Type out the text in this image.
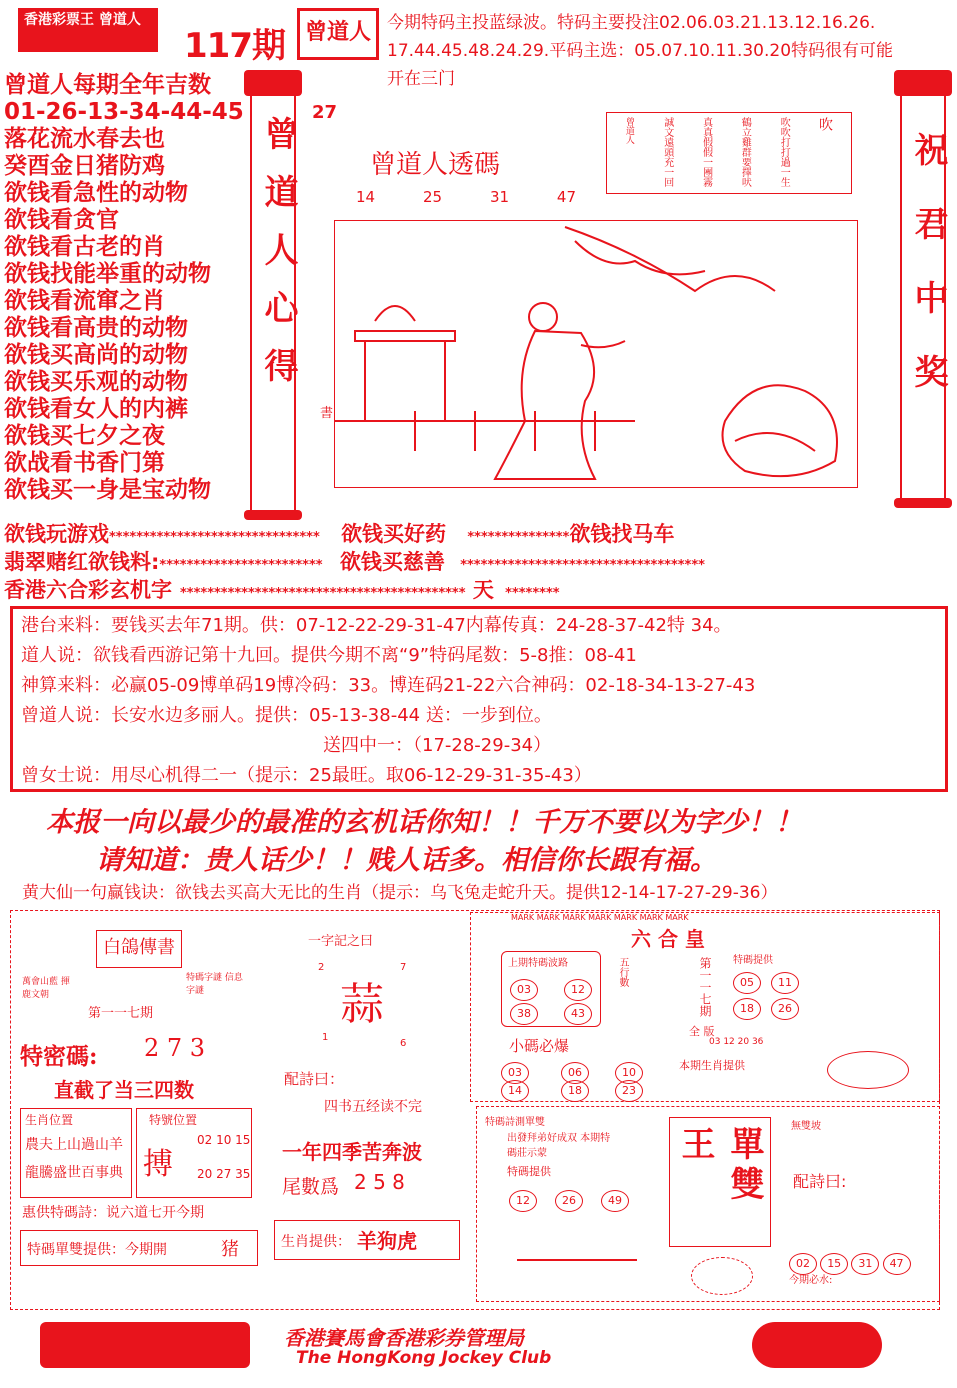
香港彩票王 曾道人
117期 曾道人 今期特码主投蓝绿波。特码主要投注02.06.03.21.13.12.16.26.
17.44.45.48.24.29.平码主选：05.07.10.11.30.20特码很有可能
开在三门
曾道人每期全年吉数
01-26-13-34-44-45
落花流水春去也
癸酉金日猪防鸡
欲钱看急性的动物
欲钱看贪官
欲钱看古老的肖
欲钱找能举重的动物
欲钱看流窜之肖
欲钱看高贵的动物
欲钱买高尚的动物
欲钱买乐观的动物
欲钱看女人的内裤
欲钱买七夕之夜
欲战看书香门第
欲钱买一身是宝动物
曾道人心得	祝君中奖
27
曾道人透碼
14	25	31	47
吹
吹吹打打過一生
鶴立雞群要擇吠
真真假假一團霧
誠文遠頭充一回
曾道人
書
欲钱玩游戏******************************* 欲钱买好药 ***************欲钱找马车
翡翠赌红欲钱料:************************ 欲钱买慈善 ************************************
香港六合彩玄机字 ****************************************** 天 ********
港台来料：要钱买去年71期。供：07-12-22-29-31-47内幕传真：24-28-37-42特 34。
道人说：欲钱看西游记第十九回。提供今期不离“9”特码尾数：5-8推：08-41
神算来料：必赢05-09博单码19博冷码：33。博连码21-22六合神码：02-18-34-13-27-43
曾道人说：长安水边多丽人。提供：05-13-38-44 送：一步到位。
送四中一：（17-28-29-34）
曾女士说：用尽心机得二一（提示：25最旺。取06-12-29-31-35-43）
本报一向以最少的最准的玄机话你知！！千万不要以为字少！！
请知道：贵人话少！！贱人话多。相信你长跟有福。
黄大仙一句赢钱诀：欲钱去买高大无比的生肖（提示：乌飞兔走蛇升天。提供12-14-17-27-29-36）
白鴿傳書
萬會山藍 揮鹿文朝
特碼字謎 信息字謎
第一一七期
特密碼: 2 7 3
直截了当三四数
生肖位置
農夫上山過山羊
龍騰盛世百事典
特號位置
搏
02 10 15
20 27 35
惠供特碼詩：说六道七开今期
特碼單雙提供：今期開	猪
一字記之曰
2	7
蒜
1
6
配詩曰：
四书五经读不完
一年四季苦奔波
尾數爲 2 5 8
生肖提供： 羊狗虎
MARK MARK MARK MARK MARK MARK MARK
六 合 皇
上期特碼波路
03	12
38	43
五行數	第一一七期
全 版
特碼提供
05	11
18	26
03 12 20 36
小碼必爆
03	06	10
14	18	23
本期生肖提供
特碼詩測單雙
出發拜弟好成双 本期特碼莊示蒙
特碼提供
12	26	49	單雙王	無雙坡
配詩曰:
今期必水:
02 15 31 47
香港賽馬會香港彩券管理局
The HongKong Jockey Club
